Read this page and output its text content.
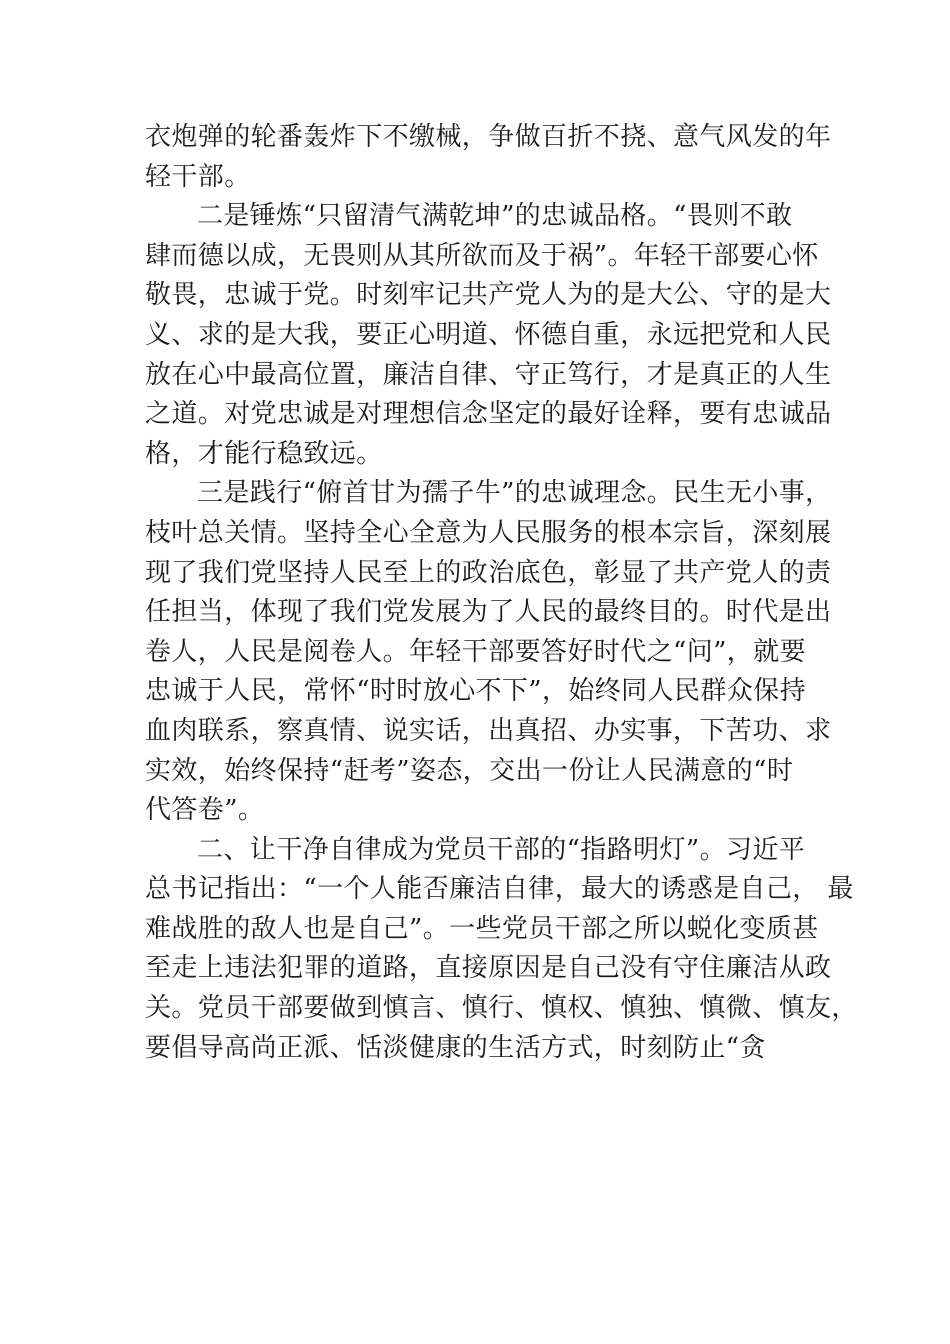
衣炮弹的轮番轰炸下不缴械，争做百折不挠、意气风发的年
轻干部。
二是锤炼“只留清气满乾坤”的忠诚品格。“畏则不敢
肆而德以成，无畏则从其所欲而及于祸”。年轻干部要心怀
敬畏，忠诚于党。时刻牢记共产党人为的是大公、守的是大
义、求的是大我，要正心明道、怀德自重，永远把党和人民
放在心中最高位置，廉洁自律、守正笃行，才是真正的人生
之道。对党忠诚是对理想信念坚定的最好诠释，要有忠诚品
格，才能行稳致远。
三是践行“俯首甘为孺子牛”的忠诚理念。民生无小事，
枝叶总关情。坚持全心全意为人民服务的根本宗旨，深刻展
现了我们党坚持人民至上的政治底色，彰显了共产党人的责
任担当，体现了我们党发展为了人民的最终目的。时代是出
卷人，人民是阅卷人。年轻干部要答好时代之“问”，就要
忠诚于人民，常怀“时时放心不下”，始终同人民群众保持
血肉联系，察真情、说实话，出真招、办实事，下苦功、求
实效，始终保持“赶考”姿态，交出一份让人民满意的“时
代答卷”。
二、让干净自律成为党员干部的“指路明灯”。习近平
总书记指出：“一个人能否廉洁自律，最大的诱惑是自己， 最
难战胜的敌人也是自己”。一些党员干部之所以蜕化变质甚
至走上违法犯罪的道路，直接原因是自己没有守住廉洁从政
关。党员干部要做到慎言、慎行、慎权、慎独、慎微、慎友，
要倡导高尚正派、恬淡健康的生活方式，时刻防止“贪
